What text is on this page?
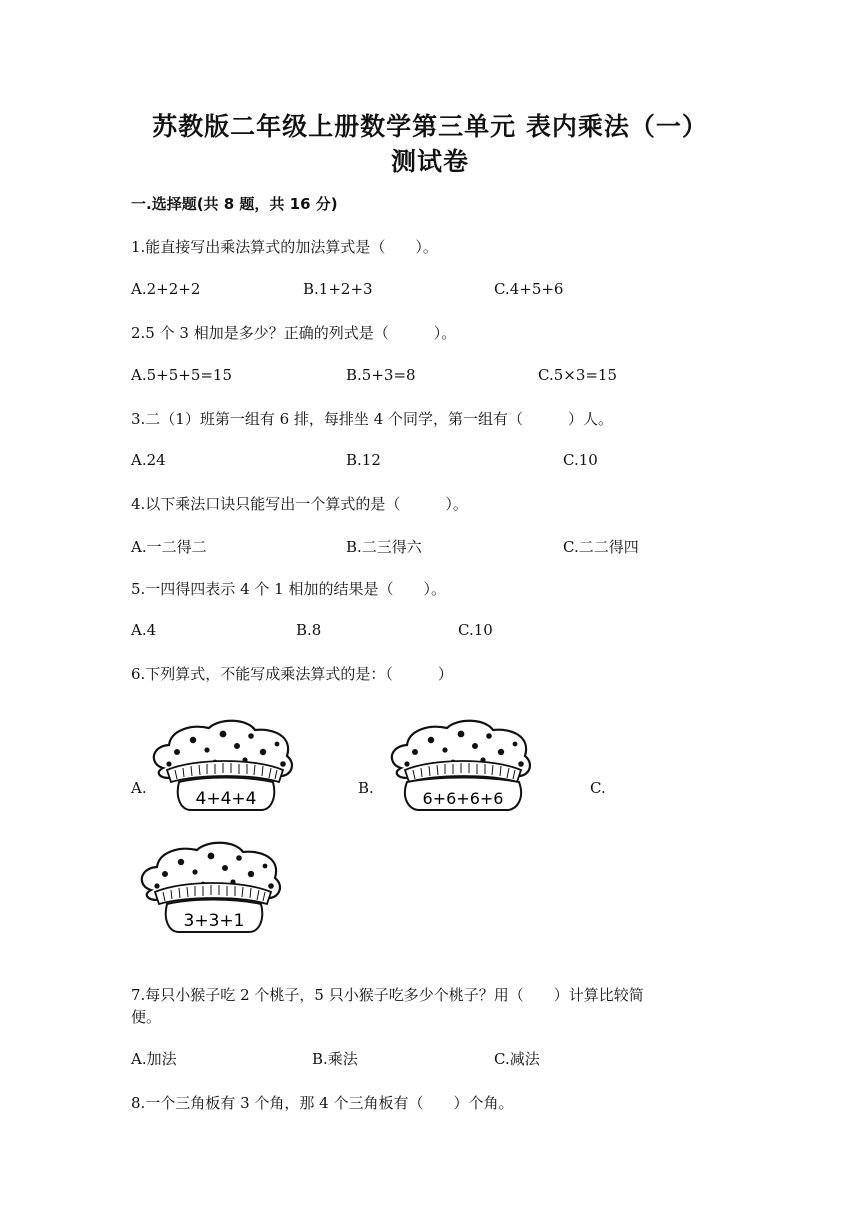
苏教版二年级上册数学第三单元 表内乘法（一）
测试卷
一.选择题(共 8 题，共 16 分)
1.能直接写出乘法算式的加法算式是（　　）。
A.2+2+2	B.1+2+3	C.4+5+6
2.5 个 3 相加是多少？正确的列式是（　　　）。
A.5+5+5=15	B.5+3=8	C.5×3=15
3.二（1）班第一组有 6 排，每排坐 4 个同学，第一组有（　　　）人。
A.24	B.12	C.10
4.以下乘法口诀只能写出一个算式的是（　　　）。
A.一二得二	B.二三得六	C.二二得四
5.一四得四表示 4 个 1 相加的结果是（　　）。
A.4	B.8	C.10
6.下列算式，不能写成乘法算式的是：（　　　）
A.	B.	C.
4+4+4	6+6+6+6
3+3+1
7.每只小猴子吃 2 个桃子，5 只小猴子吃多少个桃子？用（　　）计算比较简
便。
A.加法	B.乘法	C.减法
8.一个三角板有 3 个角，那 4 个三角板有（　　）个角。
